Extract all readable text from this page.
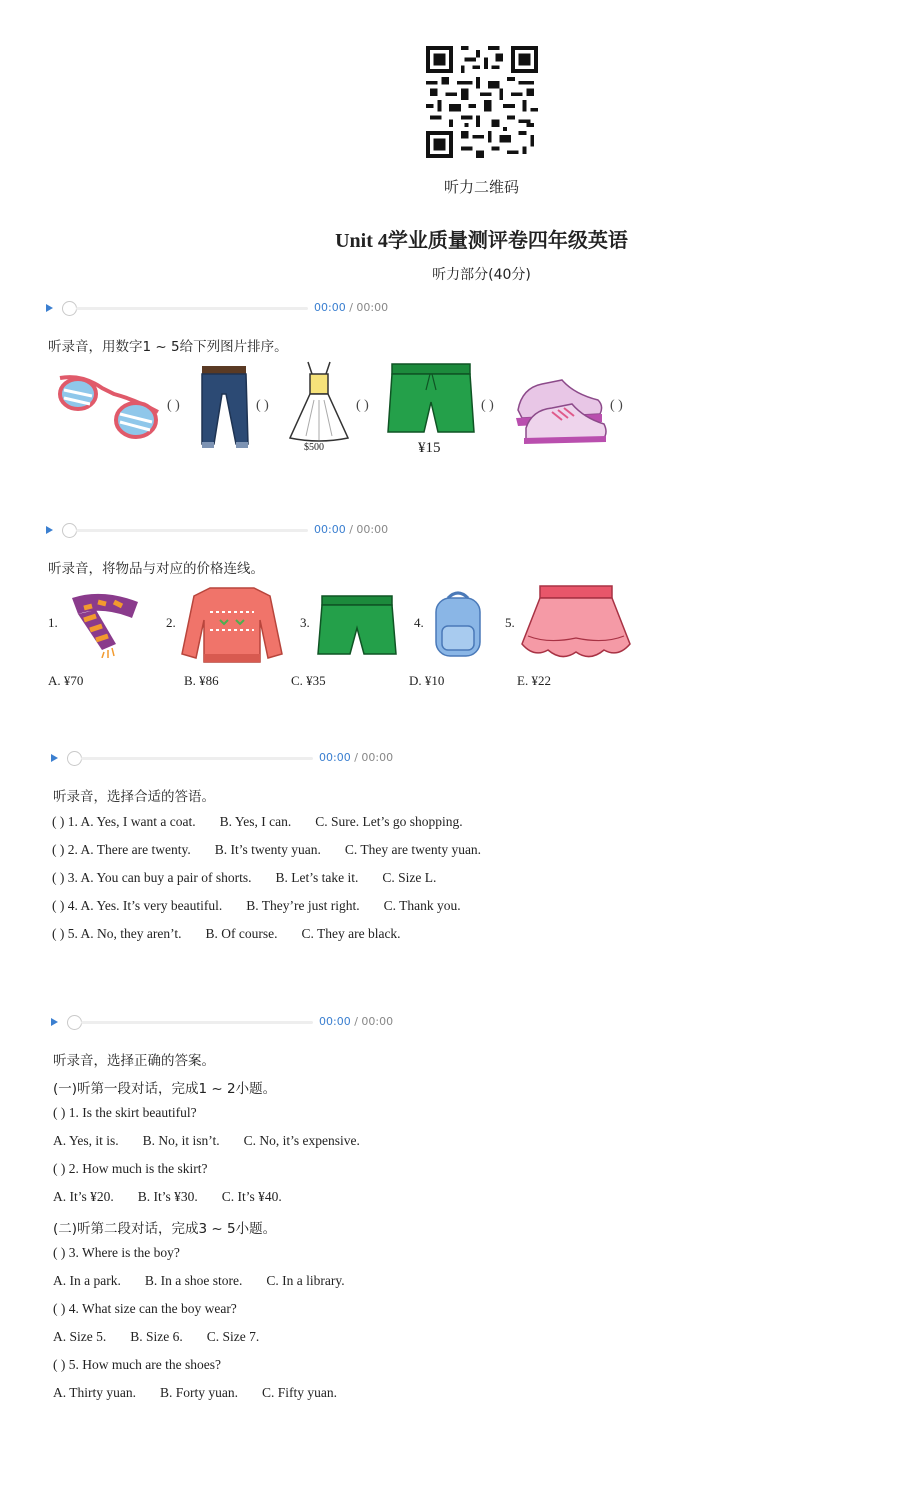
听力二维码
Unit 4学业质量测评卷四年级英语
听力部分(40分)
00:00 / 00:00
听录音，用数字1 ~ 5给下列图片排序。
( )	( )
$500
( )
¥15
( )	( )
00:00 / 00:00
听录音，将物品与对应的价格连线。
1.	2.	3.	4.	5.
A. ¥70	B. ¥86	C. ¥35	D. ¥10	E. ¥22
00:00 / 00:00
听录音，选择合适的答语。
( ) 1. A. Yes, I want a coat. B. Yes, I can. C. Sure. Let’s go shopping.
( ) 2. A. There are twenty. B. It’s twenty yuan. C. They are twenty yuan.
( ) 3. A. You can buy a pair of shorts. B. Let’s take it. C. Size L.
( ) 4. A. Yes. It’s very beautiful. B. They’re just right. C. Thank you.
( ) 5. A. No, they aren’t. B. Of course. C. They are black.
00:00 / 00:00
听录音，选择正确的答案。
(一)听第一段对话，完成1 ~ 2小题。
( ) 1. Is the skirt beautiful?
A. Yes, it is. B. No, it isn’t. C. No, it’s expensive.
( ) 2. How much is the skirt?
A. It’s ¥20. B. It’s ¥30. C. It’s ¥40.
(二)听第二段对话，完成3 ~ 5小题。
( ) 3. Where is the boy?
A. In a park. B. In a shoe store. C. In a library.
( ) 4. What size can the boy wear?
A. Size 5. B. Size 6. C. Size 7.
( ) 5. How much are the shoes?
A. Thirty yuan. B. Forty yuan. C. Fifty yuan.
